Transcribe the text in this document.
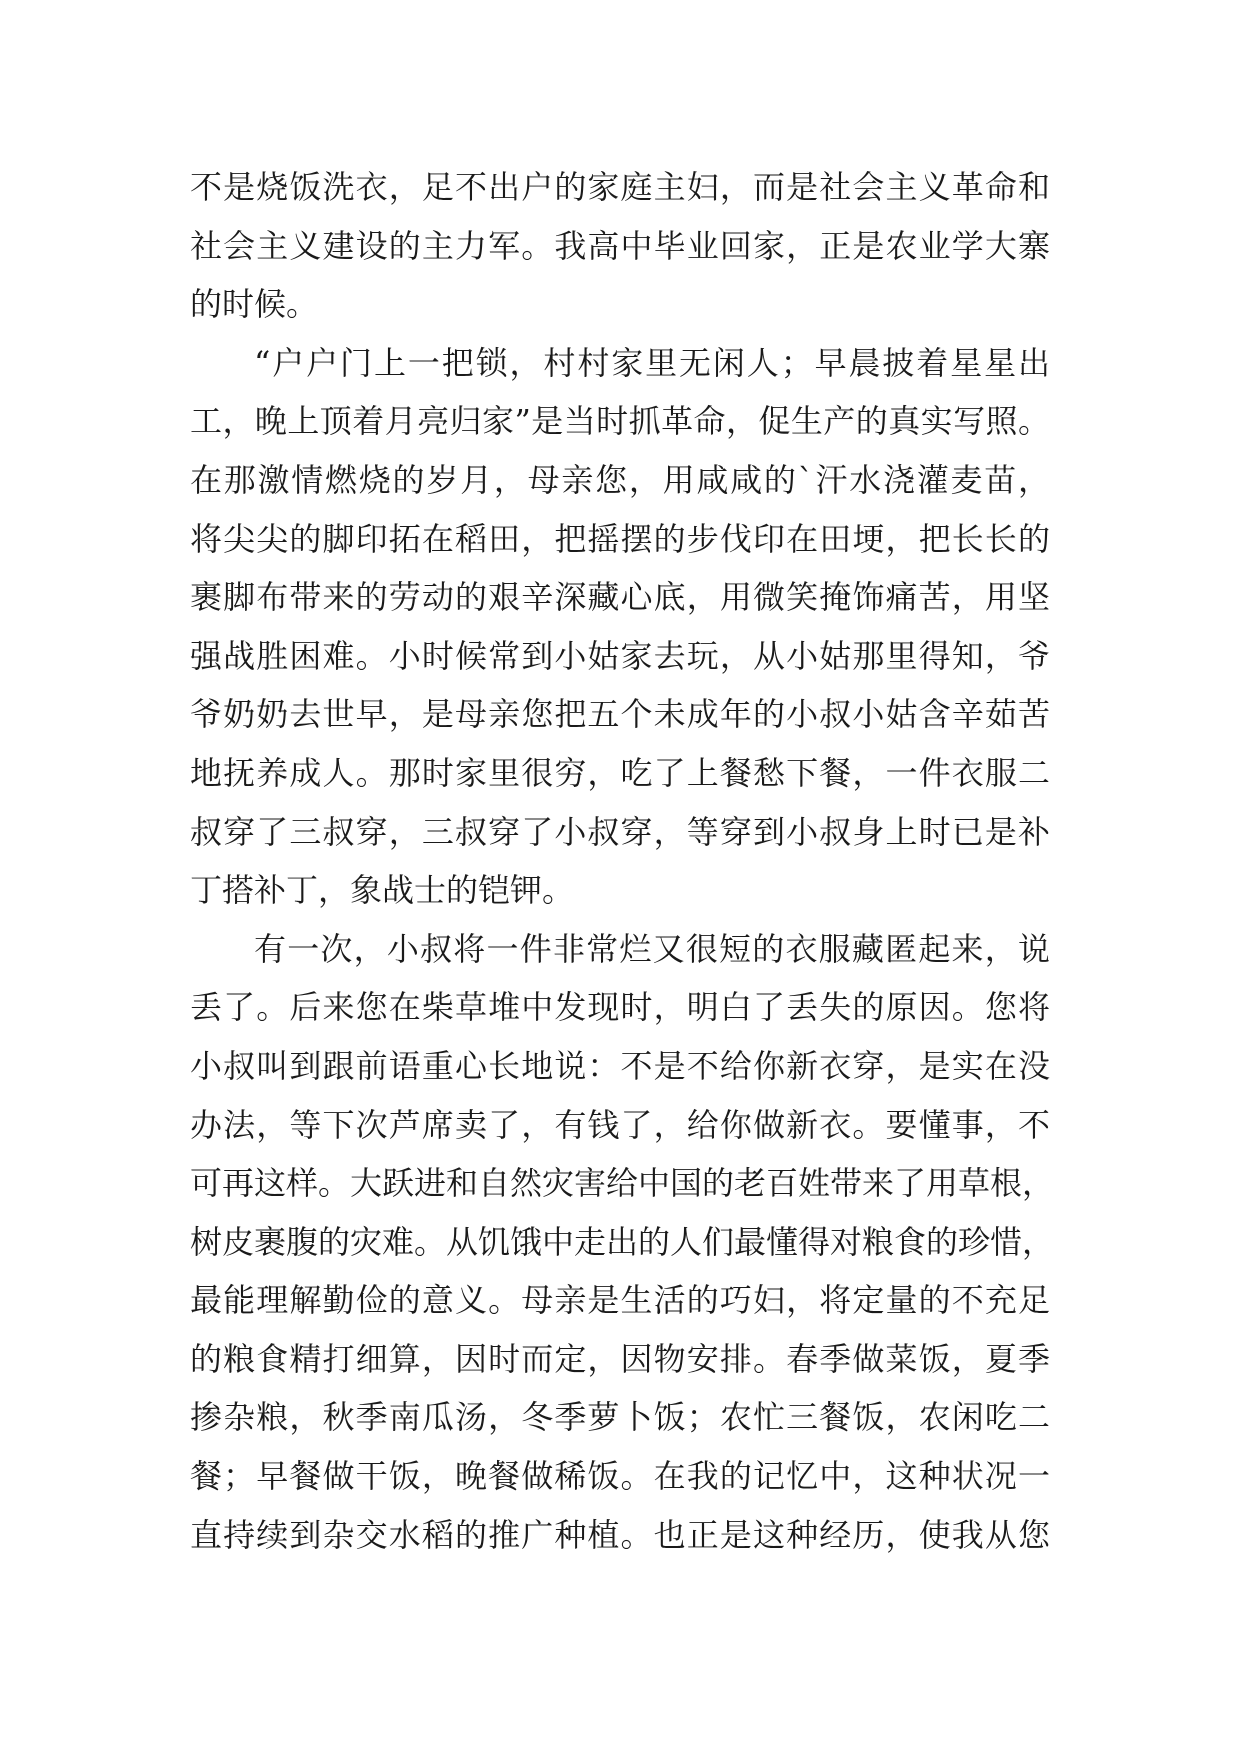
不是烧饭洗衣，足不出户的家庭主妇，而是社会主义革命和
社会主义建设的主力军。我高中毕业回家，正是农业学大寨
的时候。
“户户门上一把锁，村村家里无闲人；早晨披着星星出
工，晚上顶着月亮归家”是当时抓革命，促生产的真实写照。
在那激情燃烧的岁月，母亲您，用咸咸的`汗水浇灌麦苗，
将尖尖的脚印拓在稻田，把摇摆的步伐印在田埂，把长长的
裹脚布带来的劳动的艰辛深藏心底，用微笑掩饰痛苦，用坚
强战胜困难。小时候常到小姑家去玩，从小姑那里得知，爷
爷奶奶去世早，是母亲您把五个未成年的小叔小姑含辛茹苦
地抚养成人。那时家里很穷，吃了上餐愁下餐，一件衣服二
叔穿了三叔穿，三叔穿了小叔穿，等穿到小叔身上时已是补
丁搭补丁，象战士的铠钾。
有一次，小叔将一件非常烂又很短的衣服藏匿起来，说
丢了。后来您在柴草堆中发现时，明白了丢失的原因。您将
小叔叫到跟前语重心长地说：不是不给你新衣穿，是实在没
办法，等下次芦席卖了，有钱了，给你做新衣。要懂事，不
可再这样。大跃进和自然灾害给中国的老百姓带来了用草根，
树皮裹腹的灾难。从饥饿中走出的人们最懂得对粮食的珍惜，
最能理解勤俭的意义。母亲是生活的巧妇，将定量的不充足
的粮食精打细算，因时而定，因物安排。春季做菜饭，夏季
掺杂粮，秋季南瓜汤，冬季萝卜饭；农忙三餐饭，农闲吃二
餐；早餐做干饭，晚餐做稀饭。在我的记忆中，这种状况一
直持续到杂交水稻的推广种植。也正是这种经历，使我从您
